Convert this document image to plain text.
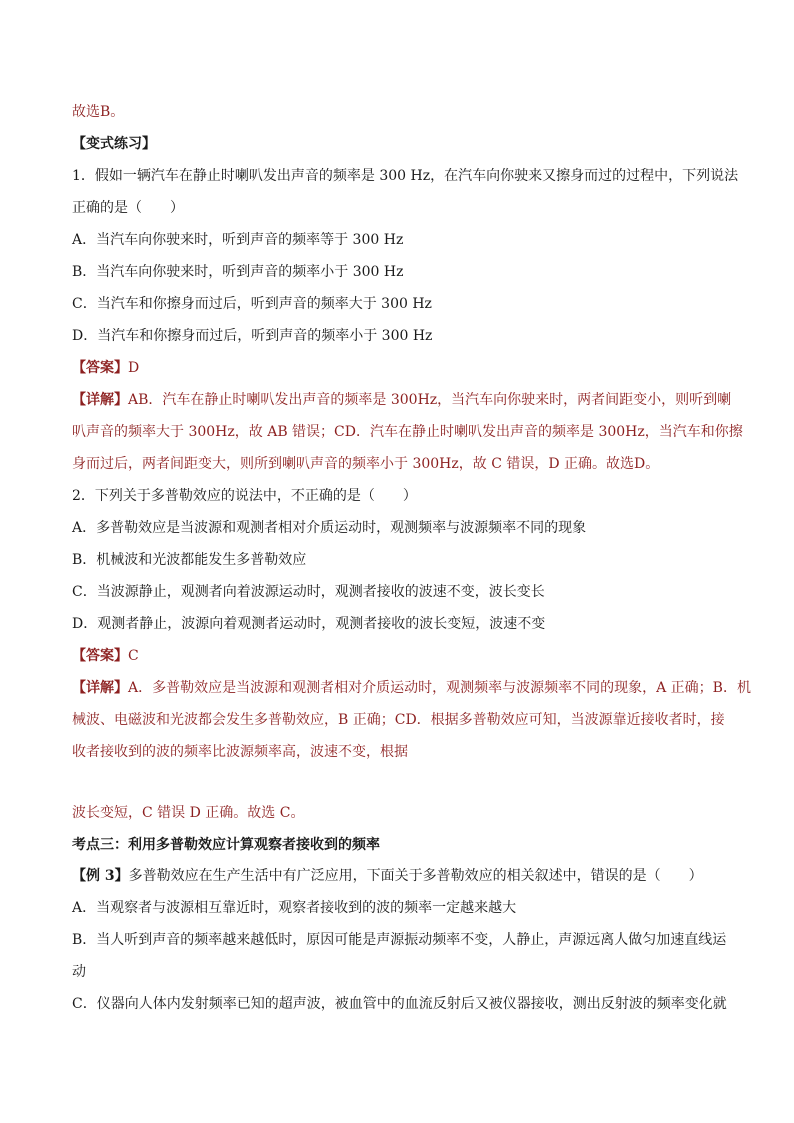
故选B。
【变式练习】
1．假如一辆汽车在静止时喇叭发出声音的频率是 300 Hz，在汽车向你驶来又擦身而过的过程中，下列说法
正确的是（　　）
A．当汽车向你驶来时，听到声音的频率等于 300 Hz
B．当汽车向你驶来时，听到声音的频率小于 300 Hz
C．当汽车和你擦身而过后，听到声音的频率大于 300 Hz
D．当汽车和你擦身而过后，听到声音的频率小于 300 Hz
【答案】D
【详解】AB．汽车在静止时喇叭发出声音的频率是 300Hz，当汽车向你驶来时，两者间距变小，则听到喇
叭声音的频率大于 300Hz，故 AB 错误；CD．汽车在静止时喇叭发出声音的频率是 300Hz，当汽车和你擦
身而过后，两者间距变大，则所到喇叭声音的频率小于 300Hz，故 C 错误，D 正确。故选D。
2．下列关于多普勒效应的说法中，不正确的是（　　）
A．多普勒效应是当波源和观测者相对介质运动时，观测频率与波源频率不同的现象
B．机械波和光波都能发生多普勒效应
C．当波源静止，观测者向着波源运动时，观测者接收的波速不变，波长变长
D．观测者静止，波源向着观测者运动时，观测者接收的波长变短，波速不变
【答案】C
【详解】A．多普勒效应是当波源和观测者相对介质运动时，观测频率与波源频率不同的现象，A 正确；B．机
械波、电磁波和光波都会发生多普勒效应，B 正确；CD．根据多普勒效应可知，当波源靠近接收者时，接
收者接收到的波的频率比波源频率高，波速不变，根据
波长变短，C 错误 D 正确。故选 C。
考点三：利用多普勒效应计算观察者接收到的频率
【例 3】多普勒效应在生产生活中有广泛应用，下面关于多普勒效应的相关叙述中，错误的是（　　）
A．当观察者与波源相互靠近时，观察者接收到的波的频率一定越来越大
B．当人听到声音的频率越来越低时，原因可能是声源振动频率不变，人静止，声源远离人做匀加速直线运
动
C．仪器向人体内发射频率已知的超声波，被血管中的血流反射后又被仪器接收，测出反射波的频率变化就
